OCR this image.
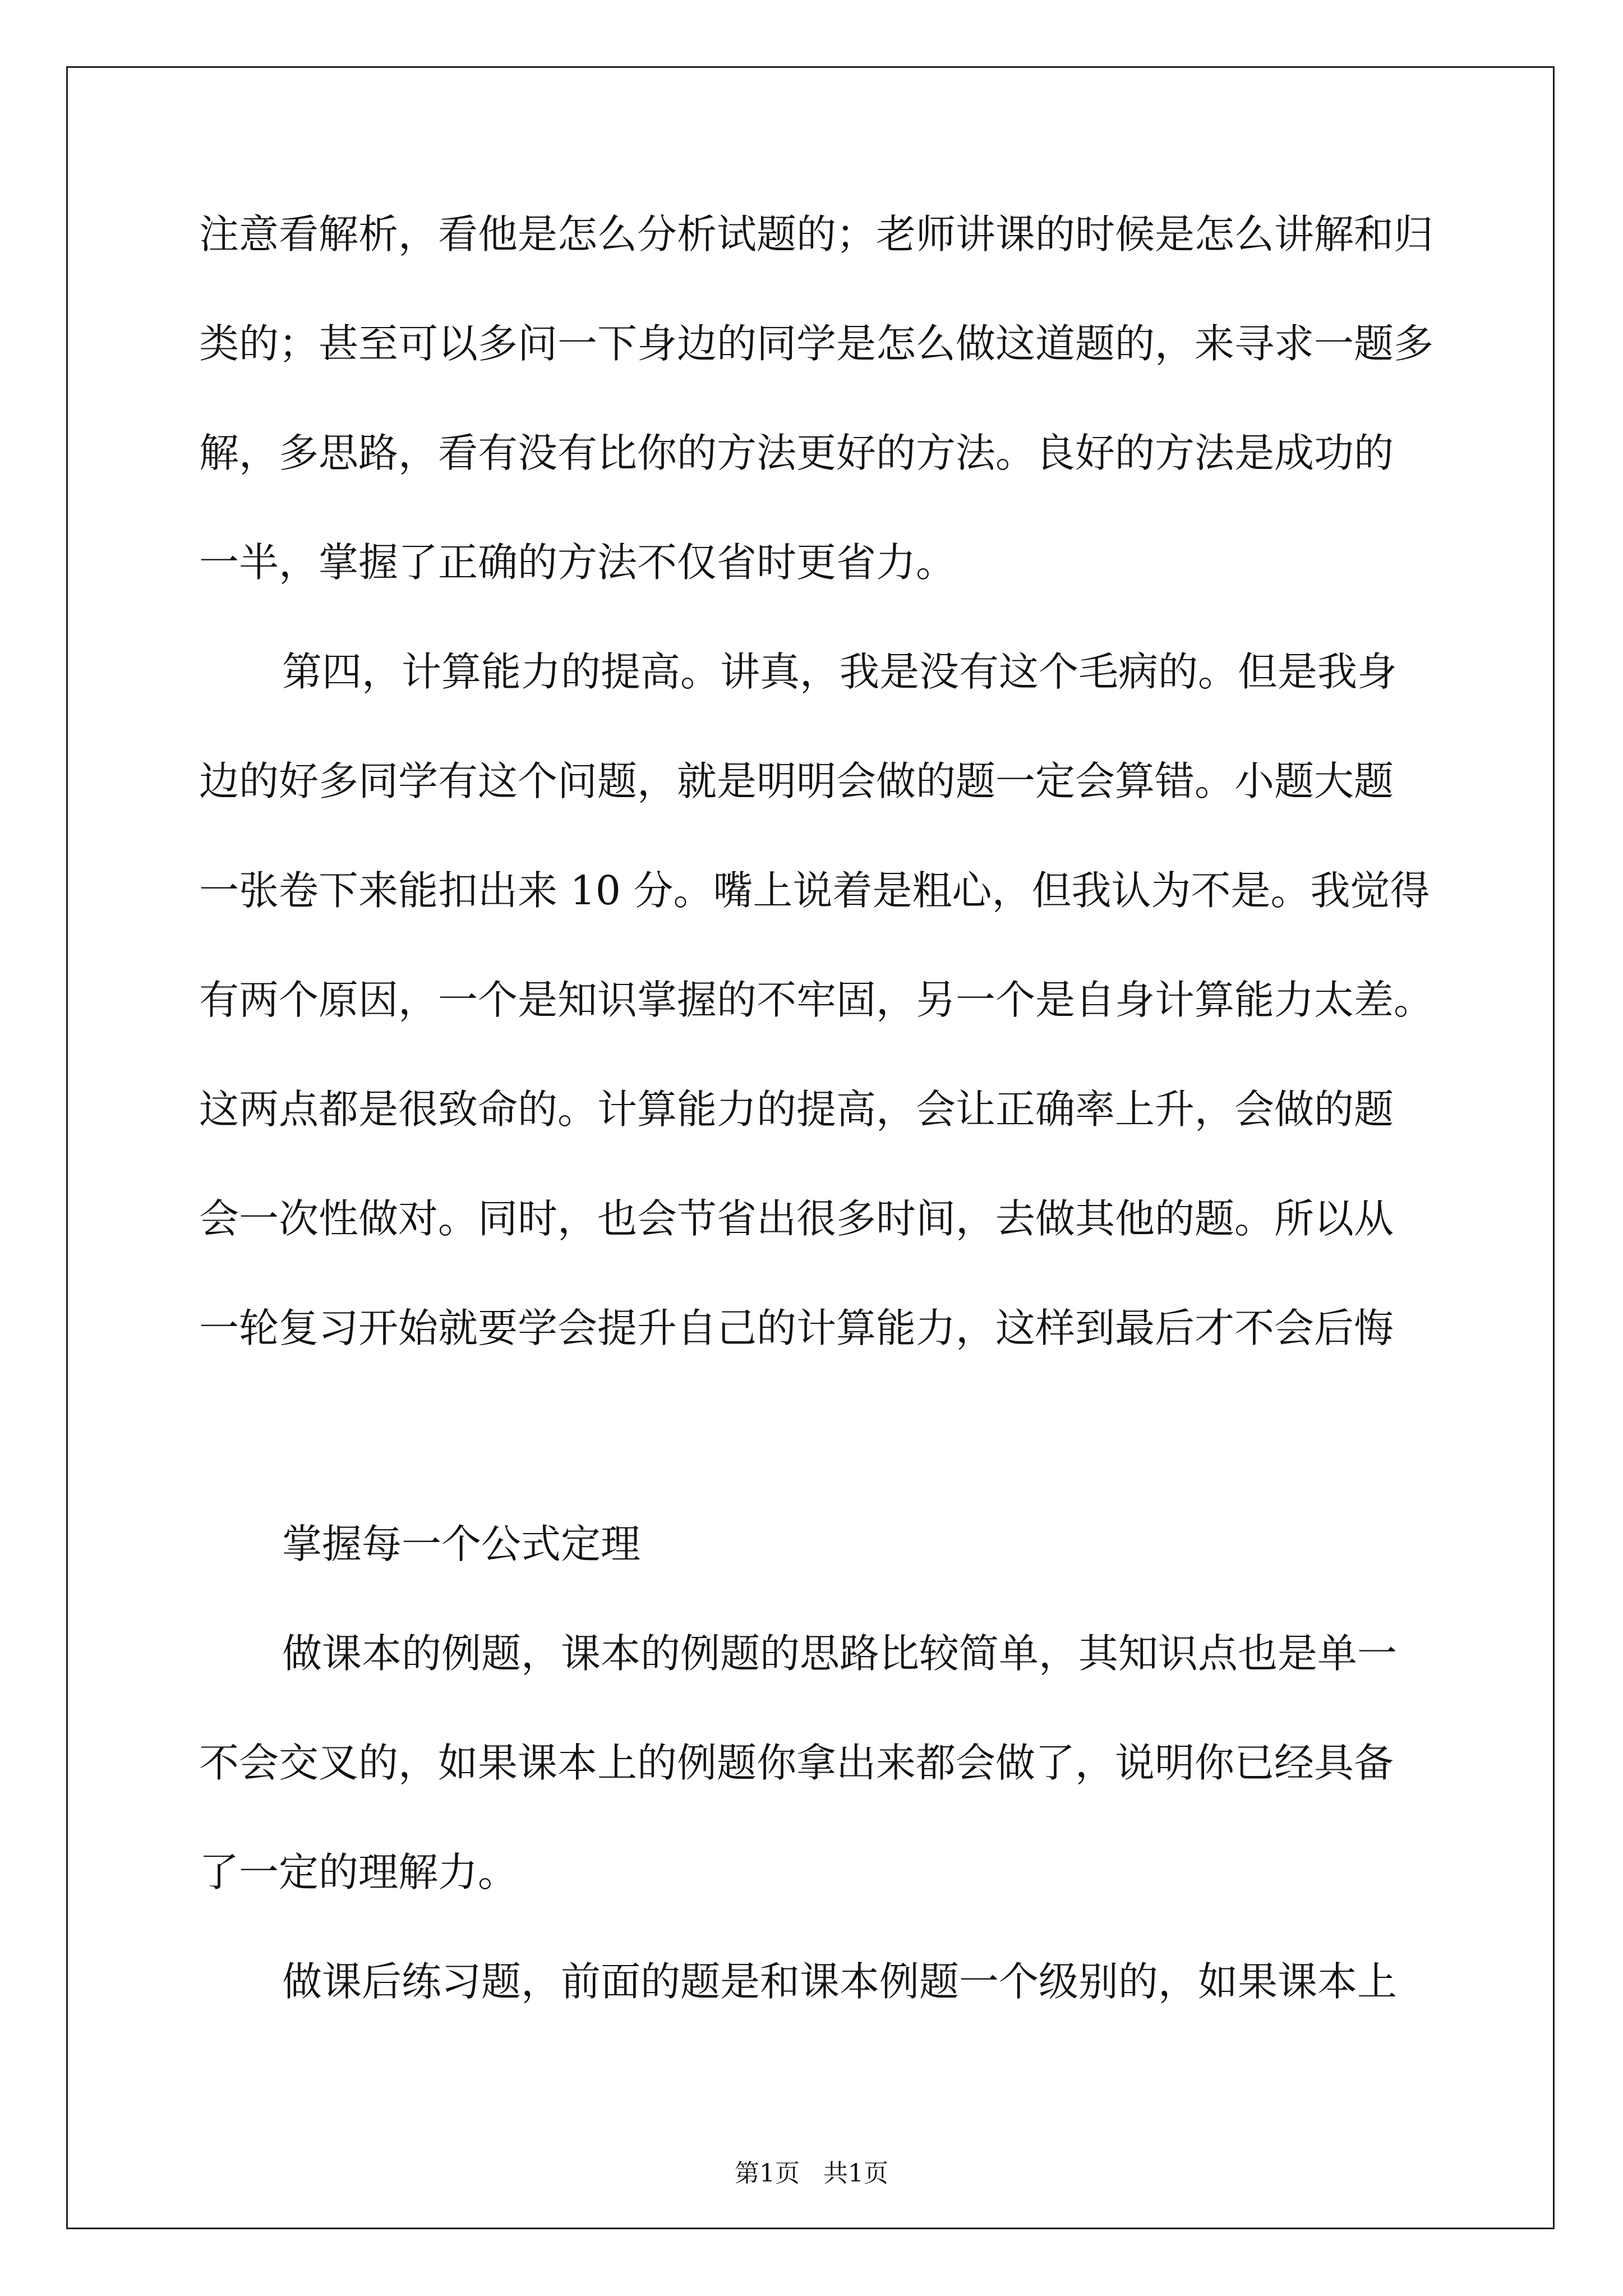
注意看解析，看他是怎么分析试题的；老师讲课的时候是怎么讲解和归
类的；甚至可以多问一下身边的同学是怎么做这道题的，来寻求一题多
解，多思路，看有没有比你的方法更好的方法。良好的方法是成功的
一半，掌握了正确的方法不仅省时更省力。
第四，计算能力的提高。讲真，我是没有这个毛病的。但是我身
边的好多同学有这个问题，就是明明会做的题一定会算错。小题大题
一张卷下来能扣出来 10 分。嘴上说着是粗心，但我认为不是。我觉得
有两个原因，一个是知识掌握的不牢固，另一个是自身计算能力太差。
这两点都是很致命的。计算能力的提高，会让正确率上升，会做的题
会一次性做对。同时，也会节省出很多时间，去做其他的题。所以从
一轮复习开始就要学会提升自己的计算能力，这样到最后才不会后悔
掌握每一个公式定理
做课本的例题，课本的例题的思路比较简单，其知识点也是单一
不会交叉的，如果课本上的例题你拿出来都会做了，说明你已经具备
了一定的理解力。
做课后练习题，前面的题是和课本例题一个级别的，如果课本上
第1页   共1页
